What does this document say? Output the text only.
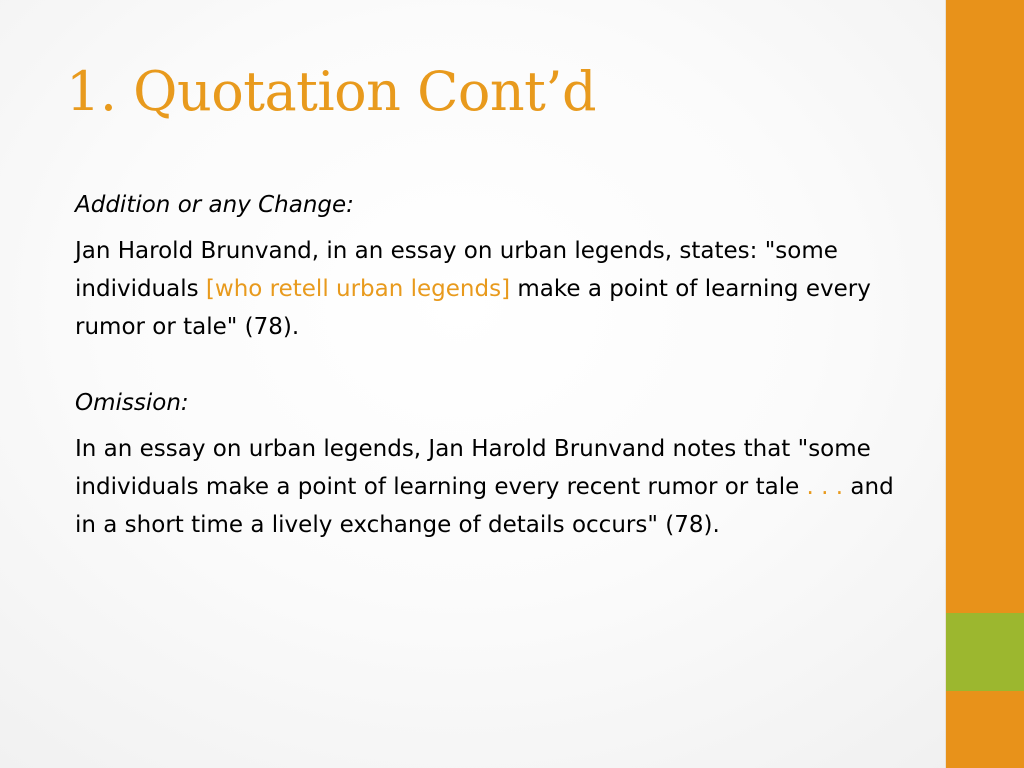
1. Quotation Cont’d

Addition or any Change:

Jan Harold Brunvand, in an essay on urban legends, states: "some individuals [who retell urban legends] make a point of learning every rumor or tale" (78).

Omission:

In an essay on urban legends, Jan Harold Brunvand notes that "some individuals make a point of learning every recent rumor or tale . . . and in a short time a lively exchange of details occurs" (78).
